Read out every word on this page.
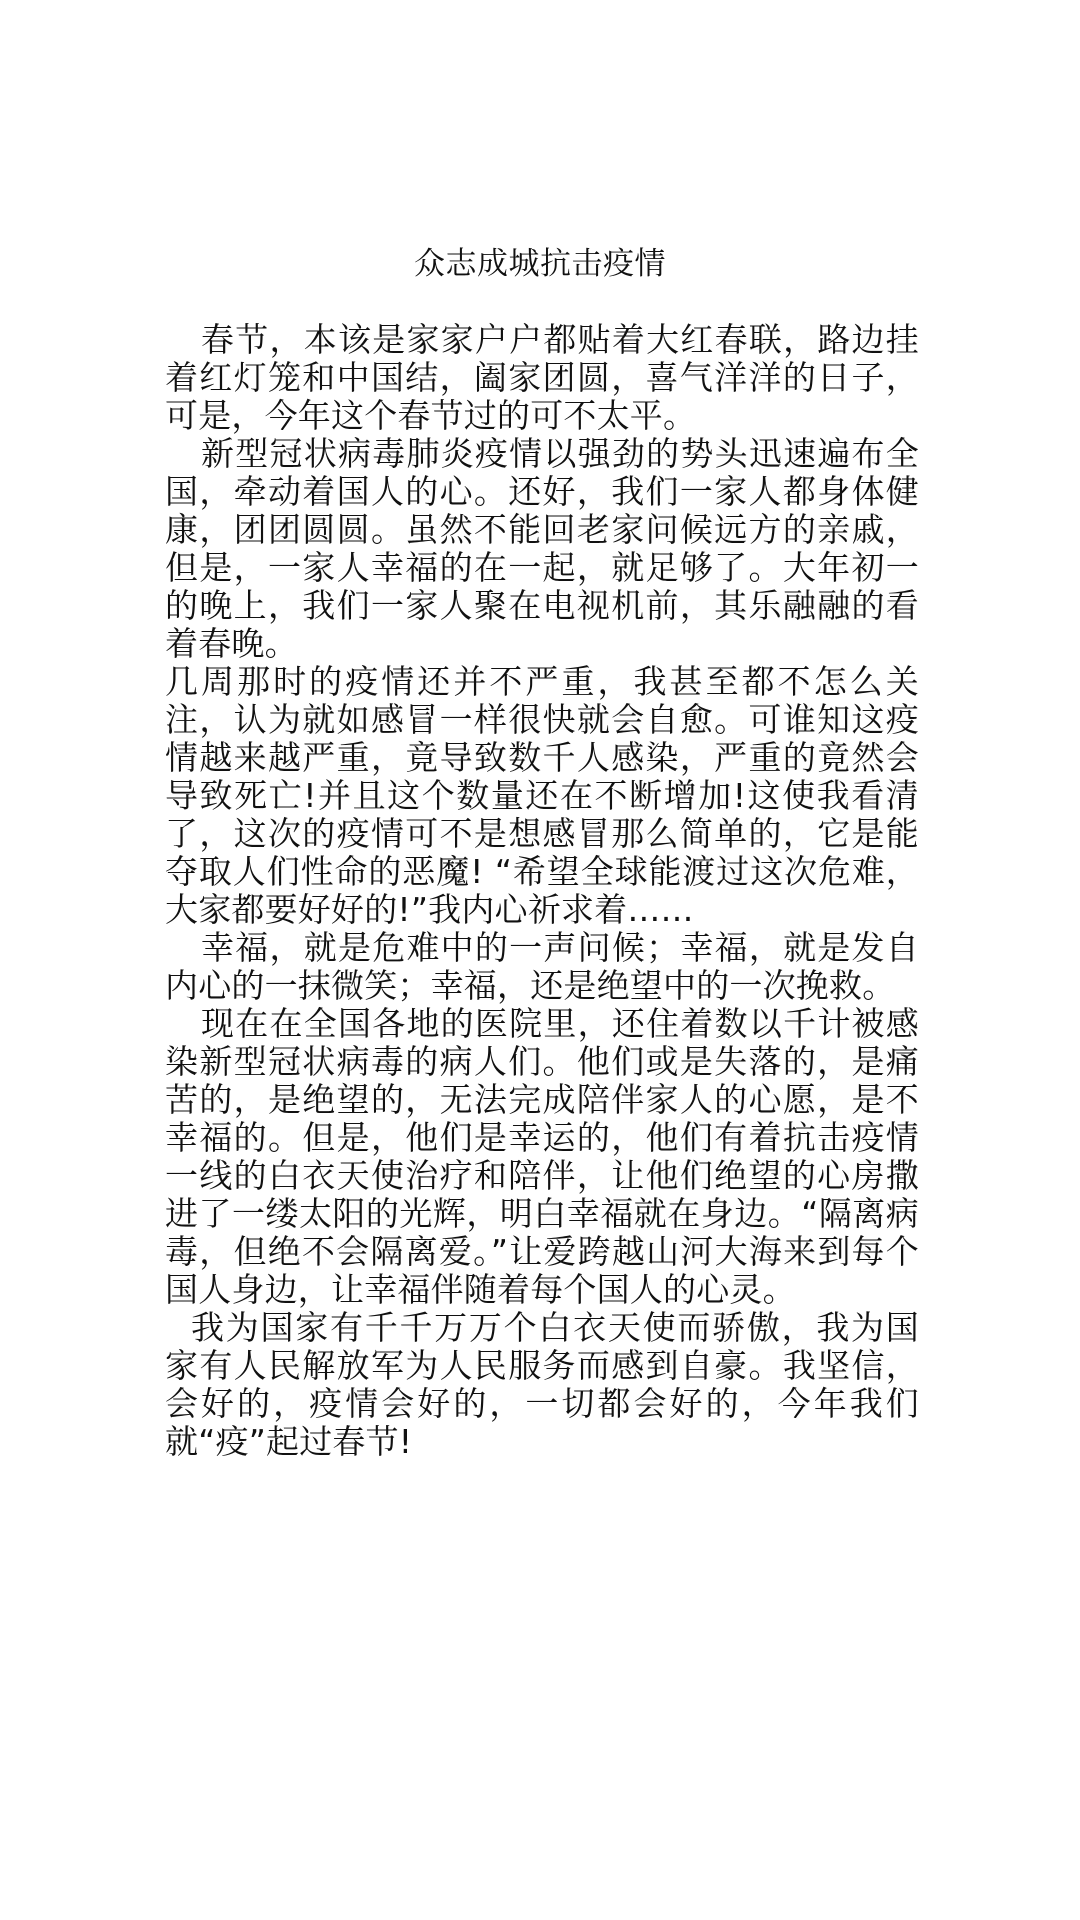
众志成城抗击疫情

春节，本该是家家户户都贴着大红春联，路边挂着红灯笼和中国结，阖家团圆，喜气洋洋的日子，可是，今年这个春节过的可不太平。

新型冠状病毒肺炎疫情以强劲的势头迅速遍布全国，牵动着国人的心。还好，我们一家人都身体健康，团团圆圆。虽然不能回老家问候远方的亲戚，但是，一家人幸福的在一起，就足够了。大年初一的晚上，我们一家人聚在电视机前，其乐融融的看着春晚。

几周那时的疫情还并不严重，我甚至都不怎么关注，认为就如感冒一样很快就会自愈。可谁知这疫情越来越严重，竟导致数千人感染，严重的竟然会导致死亡!并且这个数量还在不断增加!这使我看清了，这次的疫情可不是想感冒那么简单的，它是能夺取人们性命的恶魔! “希望全球能渡过这次危难，大家都要好好的!”我内心祈求着……

幸福，就是危难中的一声问候；幸福，就是发自内心的一抹微笑；幸福，还是绝望中的一次挽救。

现在在全国各地的医院里，还住着数以千计被感染新型冠状病毒的病人们。他们或是失落的，是痛苦的，是绝望的，无法完成陪伴家人的心愿，是不幸福的。但是，他们是幸运的，他们有着抗击疫情一线的白衣天使治疗和陪伴，让他们绝望的心房撒进了一缕太阳的光辉，明白幸福就在身边。“隔离病毒，但绝不会隔离爱。”让爱跨越山河大海来到每个国人身边，让幸福伴随着每个国人的心灵。

我为国家有千千万万个白衣天使而骄傲，我为国家有人民解放军为人民服务而感到自豪。我坚信，会好的，疫情会好的，一切都会好的，今年我们就“疫”起过春节!
